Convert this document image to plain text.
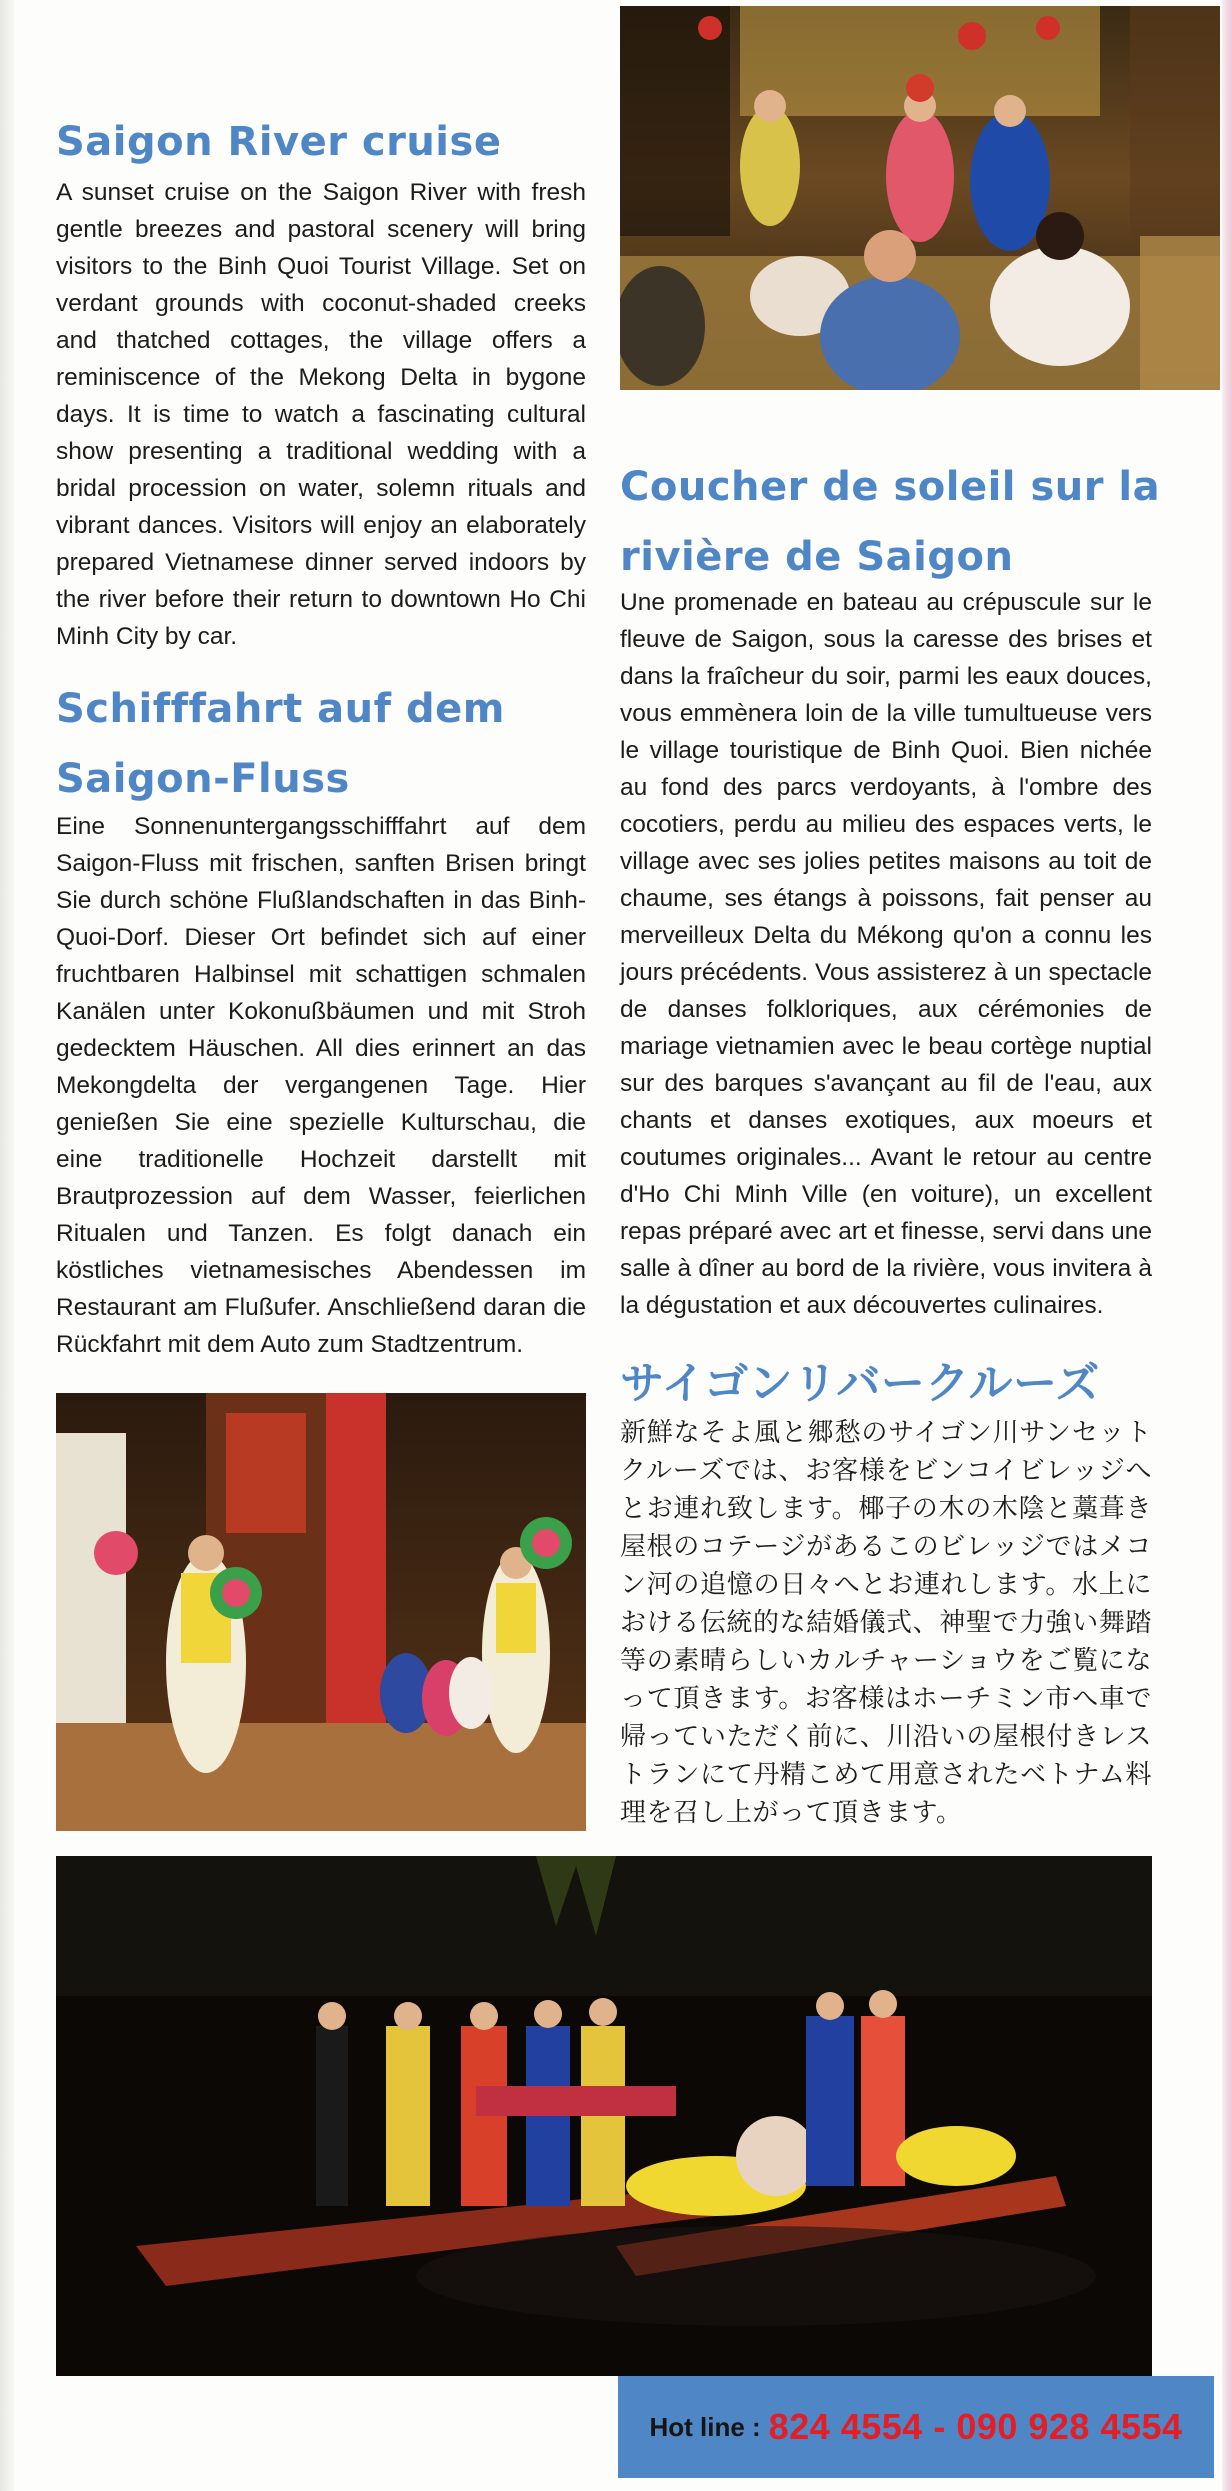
Saigon River cruise

A sunset cruise on the Saigon River with fresh gentle breezes and pastoral scenery will bring visitors to the Binh Quoi Tourist Village. Set on verdant grounds with coconut-shaded creeks and thatched cottages, the village offers a reminiscence of the Mekong Delta in bygone days. It is time to watch a fascinating cultural show presenting a traditional wedding with a bridal procession on water, solemn rituals and vibrant dances. Visitors will enjoy an elaborately prepared Vietnamese dinner served indoors by the river before their return to downtown Ho Chi Minh City by car.

Schifffahrt auf dem Saigon-Fluss

Eine Sonnenuntergangsschifffahrt auf dem Saigon-Fluss mit frischen, sanften Brisen bringt Sie durch schöne Flußlandschaften in das Binh-Quoi-Dorf. Dieser Ort befindet sich auf einer fruchtbaren Halbinsel mit schattigen schmalen Kanälen unter Kokonußbäumen und mit Stroh gedecktem Häuschen. All dies erinnert an das Mekongdelta der vergangenen Tage. Hier genießen Sie eine spezielle Kulturschau, die eine traditionelle Hochzeit darstellt mit Brautprozession auf dem Wasser, feierlichen Ritualen und Tanzen. Es folgt danach ein köstliches vietnamesisches Abendessen im Restaurant am Flußufer. Anschließend daran die Rückfahrt mit dem Auto zum Stadtzentrum.

Coucher de soleil sur la rivière de Saigon

Une promenade en bateau au crépuscule sur le fleuve de Saigon, sous la caresse des brises et dans la fraîcheur du soir, parmi les eaux douces, vous emmènera loin de la ville tumultueuse vers le village touristique de Binh Quoi. Bien nichée au fond des parcs verdoyants, à l'ombre des cocotiers, perdu au milieu des espaces verts, le village avec ses jolies petites maisons au toit de chaume, ses étangs à poissons, fait penser au merveilleux Delta du Mékong qu'on a connu les jours précédents. Vous assisterez à un spectacle de danses folkloriques, aux cérémonies de mariage vietnamien avec le beau cortège nuptial sur des barques s'avançant au fil de l'eau, aux chants et danses exotiques, aux moeurs et coutumes originales... Avant le retour au centre d'Ho Chi Minh Ville (en voiture), un excellent repas préparé avec art et finesse, servi dans une salle à dîner au bord de la rivière, vous invitera à la dégustation et aux découvertes culinaires.

サイゴンリバークルーズ

新鮮なそよ風と郷愁のサイゴン川サンセットクルーズでは、お客様をビンコイビレッジへとお連れ致します。椰子の木の木陰と藁葺き屋根のコテージがあるこのビレッジではメコン河の追憶の日々へとお連れします。水上における伝統的な結婚儀式、神聖で力強い舞踏等の素晴らしいカルチャーショウをご覧になって頂きます。お客様はホーチミン市へ車で帰っていただく前に、川沿いの屋根付きレストランにて丹精こめて用意されたベトナム料理を召し上がって頂きます。

Hot line : 824 4554 - 090 928 4554
